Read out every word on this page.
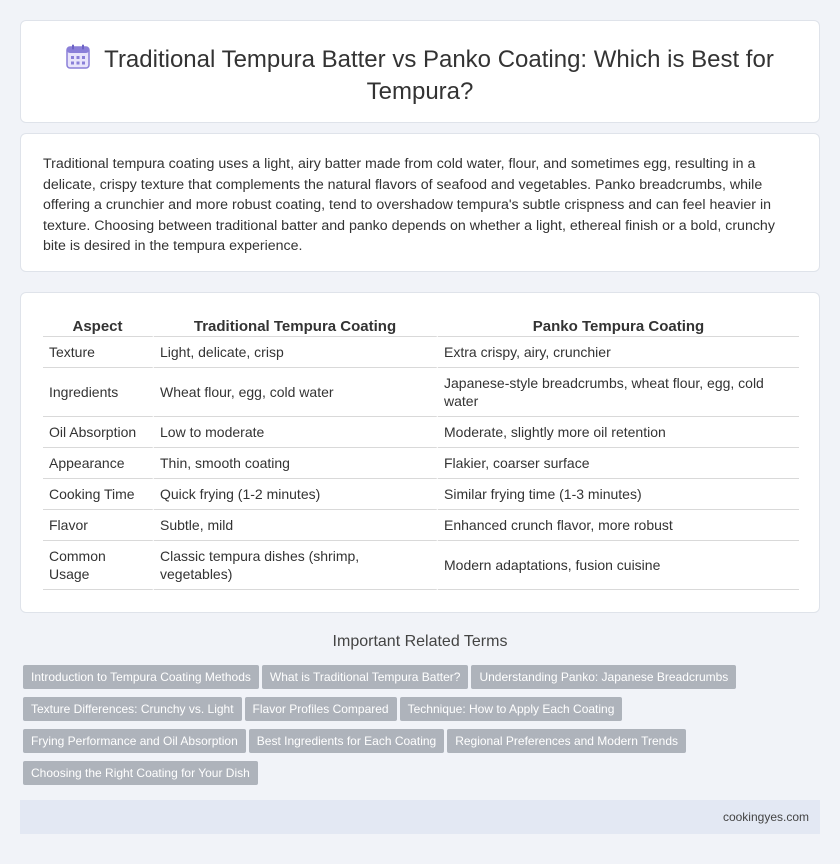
Traditional Tempura Batter vs Panko Coating: Which is Best for Tempura?

Traditional tempura coating uses a light, airy batter made from cold water, flour, and sometimes egg, resulting in a delicate, crispy texture that complements the natural flavors of seafood and vegetables. Panko breadcrumbs, while offering a crunchier and more robust coating, tend to overshadow tempura's subtle crispness and can feel heavier in texture. Choosing between traditional batter and panko depends on whether a light, ethereal finish or a bold, crunchy bite is desired in the tempura experience.

Aspect	Traditional Tempura Coating	Panko Tempura Coating
Texture	Light, delicate, crisp	Extra crispy, airy, crunchier
Ingredients	Wheat flour, egg, cold water	Japanese-style breadcrumbs, wheat flour, egg, cold water
Oil Absorption	Low to moderate	Moderate, slightly more oil retention
Appearance	Thin, smooth coating	Flakier, coarser surface
Cooking Time	Quick frying (1-2 minutes)	Similar frying time (1-3 minutes)
Flavor	Subtle, mild	Enhanced crunch flavor, more robust
Common Usage	Classic tempura dishes (shrimp, vegetables)	Modern adaptations, fusion cuisine
Important Related Terms
Introduction to Tempura Coating Methods What is Traditional Tempura Batter? Understanding Panko: Japanese Breadcrumbs
Texture Differences: Crunchy vs. Light Flavor Profiles Compared Technique: How to Apply Each Coating
Frying Performance and Oil Absorption Best Ingredients for Each Coating Regional Preferences and Modern Trends
Choosing the Right Coating for Your Dish
cookingyes.com
